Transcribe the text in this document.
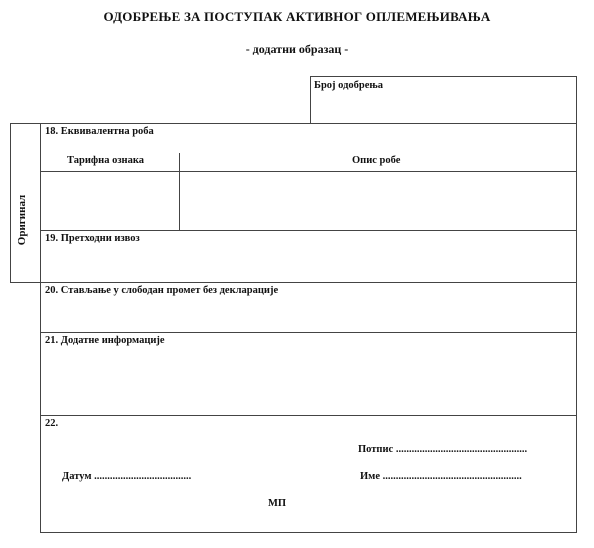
ОДОБРЕЊЕ ЗА ПОСТУПАК АКТИВНОГ ОПЛЕМЕЊИВАЊА
- додатни образац -
Број одобрења
Оригинал
18. Еквивалентна роба
Тарифна ознака	Опис робе
19. Претходни извоз
20. Стављање у слободан промет без декларације
21. Додатне информације
22.
Потпис ..................................................
Датум .....................................	Име .....................................................
МП
